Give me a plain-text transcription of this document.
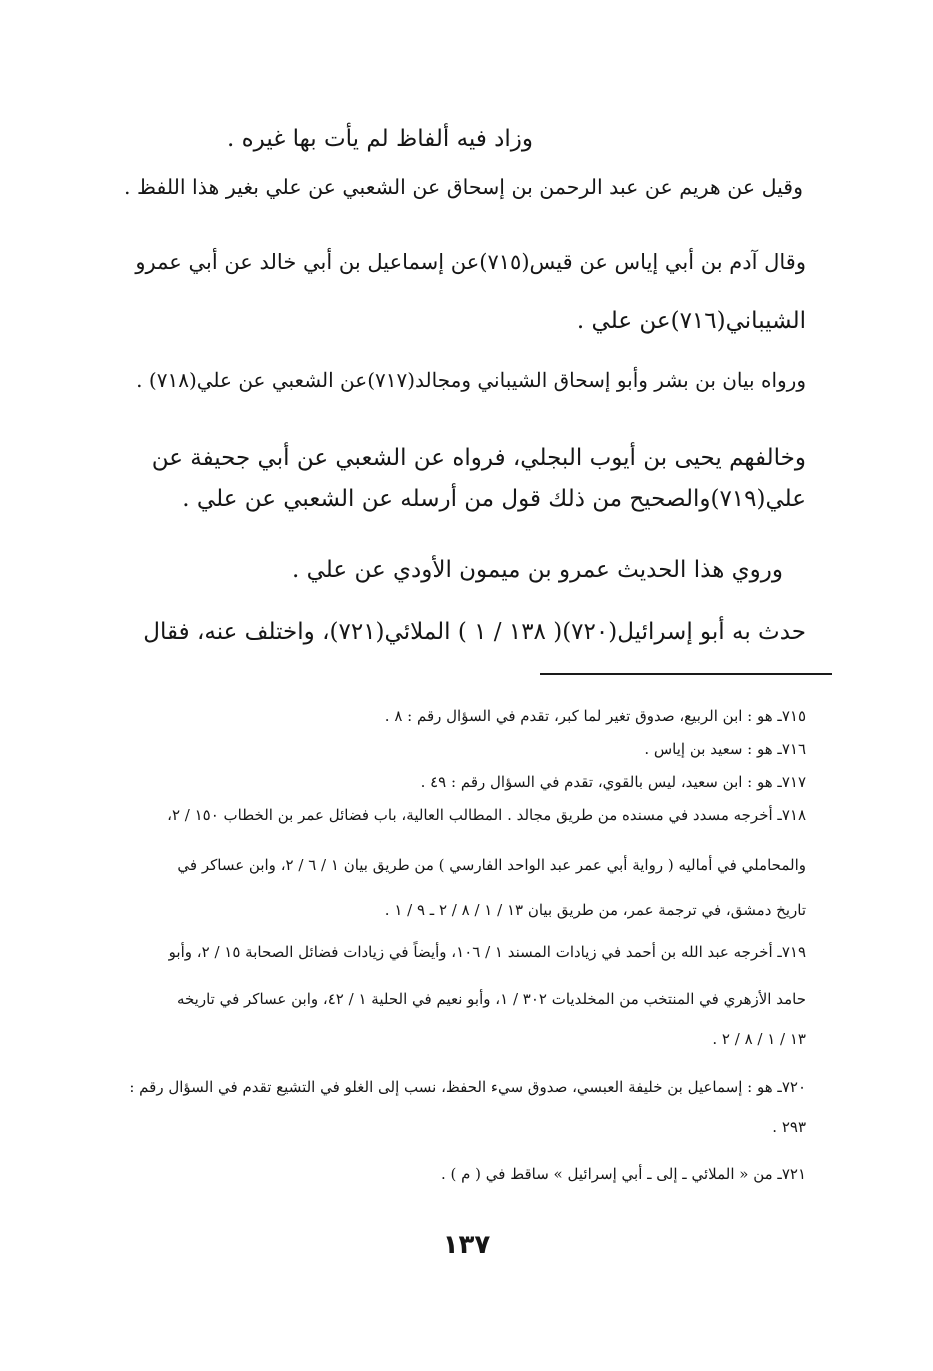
وزاد فيه ألفاظ لم يأت بها غيره .

وقيل عن هريم عن عبد الرحمن بن إسحاق عن الشعبي عن علي بغير هذا اللفظ .

وقال آدم بن أبي إياس عن قيس(٧١٥)عن إسماعيل بن أبي خالد عن أبي عمرو

الشيباني(٧١٦)عن علي .

ورواه بيان بن بشر وأبو إسحاق الشيباني ومجالد(٧١٧)عن الشعبي عن علي(٧١٨) .

وخالفهم يحيى بن أيوب البجلي، فرواه عن الشعبي عن أبي جحيفة عن

علي(٧١٩)والصحيح من ذلك قول من أرسله عن الشعبي عن علي .

وروي هذا الحديث عمرو بن ميمون الأودي عن علي .

حدث به أبو إسرائيل(٧٢٠)( ١٣٨ / ١ ) الملائي(٧٢١)، واختلف عنه، فقال

٧١٥ـ هو : ابن الربيع، صدوق تغير لما كبر، تقدم في السؤال رقم : ٨ .

٧١٦ـ هو : سعيد بن إياس .

٧١٧ـ هو : ابن سعيد، ليس بالقوي، تقدم في السؤال رقم : ٤٩ .

٧١٨ـ أخرجه مسدد في مسنده من طريق مجالد . المطالب العالية، باب فضائل عمر بن الخطاب ١٥٠ / ٢،

والمحاملي في أماليه ( رواية أبي عمر عبد الواحد الفارسي ) من طريق بيان ١ / ٦ / ٢، وابن عساكر في

تاريخ دمشق، في ترجمة عمر، من طريق بيان ١٣ / ١ / ٨ / ٢ ـ ٩ / ١ .

٧١٩ـ أخرجه عبد الله بن أحمد في زيادات المسند ١ / ١٠٦، وأيضاً في زيادات فضائل الصحابة ١٥ / ٢، وأبو

حامد الأزهري في المنتخب من المخلديات ٣٠٢ / ١، وأبو نعيم في الحلية ١ / ٤٢، وابن عساكر في تاريخه

١٣ / ١ / ٨ / ٢ .

٧٢٠ـ هو : إسماعيل بن خليفة العبسي، صدوق سيء الحفظ، نسب إلى الغلو في التشيع تقدم في السؤال رقم :

٢٩٣ .

٧٢١ـ من « الملائي ـ إلى ـ أبي إسرائيل » ساقط في ( م ) .

١٣٧
